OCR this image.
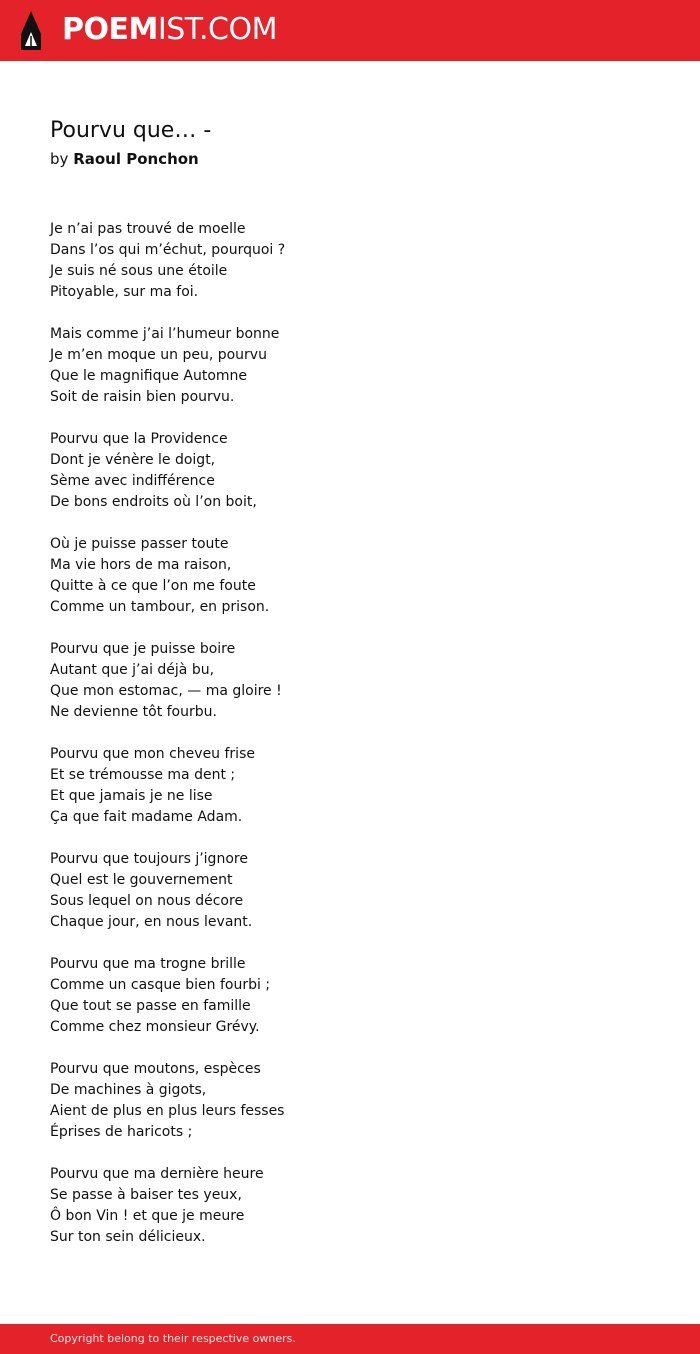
POEMIST.COM
Pourvu que… -
by Raoul Ponchon
Je n’ai pas trouvé de moelle
Dans l’os qui m’échut, pourquoi ?
Je suis né sous une étoile
Pitoyable, sur ma foi.
Mais comme j’ai l’humeur bonne
Je m’en moque un peu, pourvu
Que le magnifique Automne
Soit de raisin bien pourvu.
Pourvu que la Providence
Dont je vénère le doigt,
Sème avec indifférence
De bons endroits où l’on boit,
Où je puisse passer toute
Ma vie hors de ma raison,
Quitte à ce que l’on me foute
Comme un tambour, en prison.
Pourvu que je puisse boire
Autant que j’ai déjà bu,
Que mon estomac, — ma gloire !
Ne devienne tôt fourbu.
Pourvu que mon cheveu frise
Et se trémousse ma dent ;
Et que jamais je ne lise
Ça que fait madame Adam.
Pourvu que toujours j’ignore
Quel est le gouvernement
Sous lequel on nous décore
Chaque jour, en nous levant.
Pourvu que ma trogne brille
Comme un casque bien fourbi ;
Que tout se passe en famille
Comme chez monsieur Grévy.
Pourvu que moutons, espèces
De machines à gigots,
Aient de plus en plus leurs fesses
Éprises de haricots ;
Pourvu que ma dernière heure
Se passe à baiser tes yeux,
Ô bon Vin ! et que je meure
Sur ton sein délicieux.
Copyright belong to their respective owners.
